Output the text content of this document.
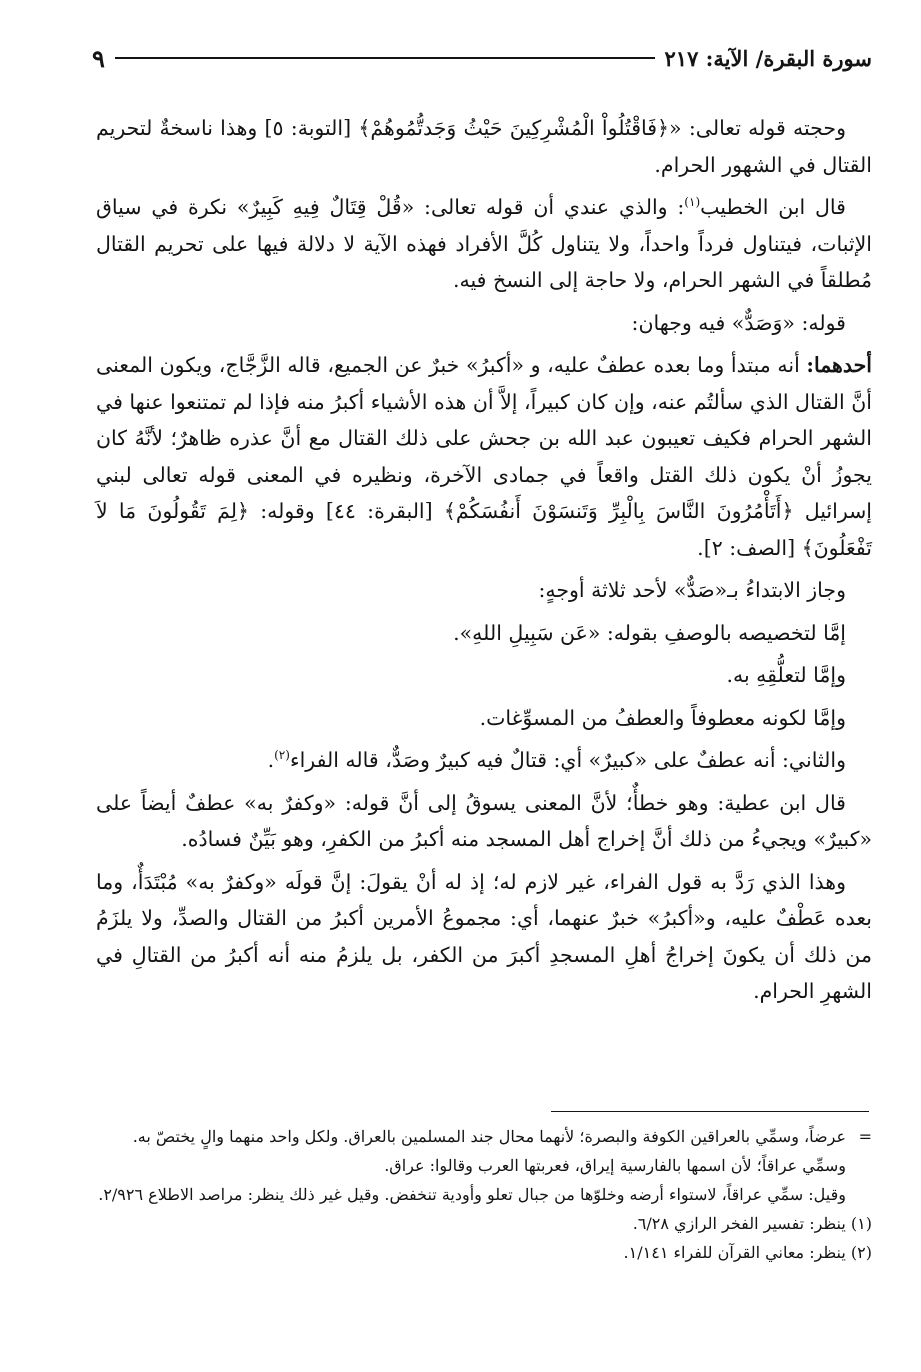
سورة البقرة/ الآية: ٢١٧
٩

وحجته قوله تعالى: «﴿فَاقْتُلُواْ الْمُشْرِكِينَ حَيْثُ وَجَدتُّمُوهُمْ﴾ [التوبة: ٥] وهذا ناسخةٌ لتحريم القتال في الشهور الحرام.

قال ابن الخطيب$^{(١)}$: والذي عندي أن قوله تعالى: «قُلْ قِتَالٌ فِيهِ كَبِيرٌ» نكرة في سياق الإثبات، فيتناول فرداً واحداً، ولا يتناول كُلَّ الأفراد فهذه الآية لا دلالة فيها على تحريم القتال مُطلقاً في الشهر الحرام، ولا حاجة إلى النسخ فيه.

قوله: «وَصَدٌّ» فيه وجهان:

أحدهما: أنه مبتدأ وما بعده عطفٌ عليه، و «أكبرُ» خبرٌ عن الجميع، قاله الزَّجَّاج، ويكون المعنى أنَّ القتال الذي سألتُم عنه، وإن كان كبيراً، إلاَّ أن هذه الأشياء أكبرُ منه فإذا لم تمتنعوا عنها في الشهر الحرام فكيف تعيبون عبد الله بن جحش على ذلك القتال مع أنَّ عذره ظاهرٌ؛ لأنَّهُ كان يجوزُ أنْ يكون ذلك القتل واقعاً في جمادى الآخرة، ونظيره في المعنى قوله تعالى لبني إسرائيل ﴿أَتَأْمُرُونَ النَّاسَ بِالْبِرِّ وَتَنسَوْنَ أَنفُسَكُمْ﴾ [البقرة: ٤٤] وقوله: ﴿لِمَ تَقُولُونَ مَا لاَ تَفْعَلُونَ﴾ [الصف: ٢].

وجاز الابتداءُ بـ«صَدٌّ» لأحد ثلاثة أوجهٍ:

إمَّا لتخصيصه بالوصفِ بقوله: «عَن سَبِيلِ اللهِ».

وإمَّا لتعلُّقِهِ به.

وإمَّا لكونه معطوفاً والعطفُ من المسوِّغات.

والثاني: أنه عطفٌ على «كبيرٌ» أي: قتالٌ فيه كبيرٌ وصَدٌّ، قاله الفراء$^{(٢)}$.

قال ابن عطية: وهو خطأٌ؛ لأنَّ المعنى يسوقُ إلى أنَّ قوله: «وكفرٌ به» عطفٌ أيضاً على «كبيرٌ» ويجيءُ من ذلك أنَّ إخراج أهل المسجد منه أكبرُ من الكفرِ، وهو بَيِّنٌ فسادُه.

وهذا الذي رَدَّ به قول الفراء، غير لازم له؛ إذ له أنْ يقولَ: إنَّ قولَه «وكفرٌ به» مُبْتَدَأٌ، وما بعده عَطْفٌ عليه، و«أكبرُ» خبرٌ عنهما، أي: مجموعُ الأمرين أكبرُ من القتال والصدِّ، ولا يلزَمُ من ذلك أن يكونَ إخراجُ أهلِ المسجدِ أكبرَ من الكفر، بل يلزمُ منه أنه أكبرُ من القتالِ في الشهرِ الحرام.

=عرضاً، وسمِّي بالعراقين الكوفة والبصرة؛ لأنهما محال جند المسلمين بالعراق. ولكل واحد منهما والٍ يختصّ به.

وسمِّي عراقاً؛ لأن اسمها بالفارسية إيراق، فعربتها العرب وقالوا: عراق.

وقيل: سمِّي عراقاً، لاستواء أرضه وخلوّها من جبال تعلو وأودية تنخفض. وقيل غير ذلك ينظر: مراصد الاطلاع ٢/٩٢٦.

(١) ينظر: تفسير الفخر الرازي ٦/٢٨.

(٢) ينظر: معاني القرآن للفراء ١/١٤١.
